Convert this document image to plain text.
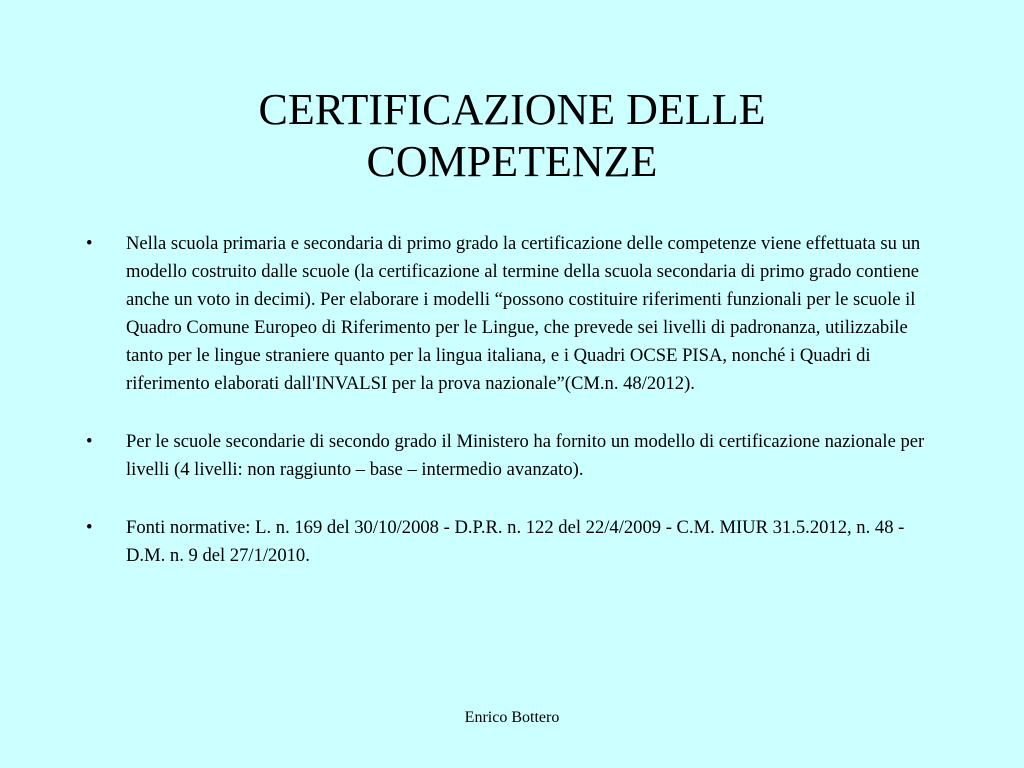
CERTIFICAZIONE DELLE
COMPETENZE
•	Nella scuola primaria e secondaria di primo grado la certificazione delle competenze viene effettuata su un modello costruito dalle scuole (la certificazione al termine della scuola secondaria di primo grado contiene anche un voto in decimi). Per elaborare i modelli “possono costituire riferimenti funzionali per le scuole il Quadro Comune Europeo di Riferimento per le Lingue, che prevede sei livelli di padronanza, utilizzabile tanto per le lingue straniere quanto per la lingua italiana, e i Quadri OCSE PISA, nonché i Quadri di riferimento elaborati dall'INVALSI per la prova nazionale”(CM.n. 48/2012).
•	Per le scuole secondarie di secondo grado il Ministero ha fornito un modello di certificazione nazionale per livelli (4 livelli: non raggiunto – base – intermedio avanzato).
•	Fonti normative: L. n. 169 del 30/10/2008 - D.P.R. n. 122 del 22/4/2009 - C.M. MIUR 31.5.2012, n. 48 - D.M. n. 9 del 27/1/2010.
Enrico Bottero
